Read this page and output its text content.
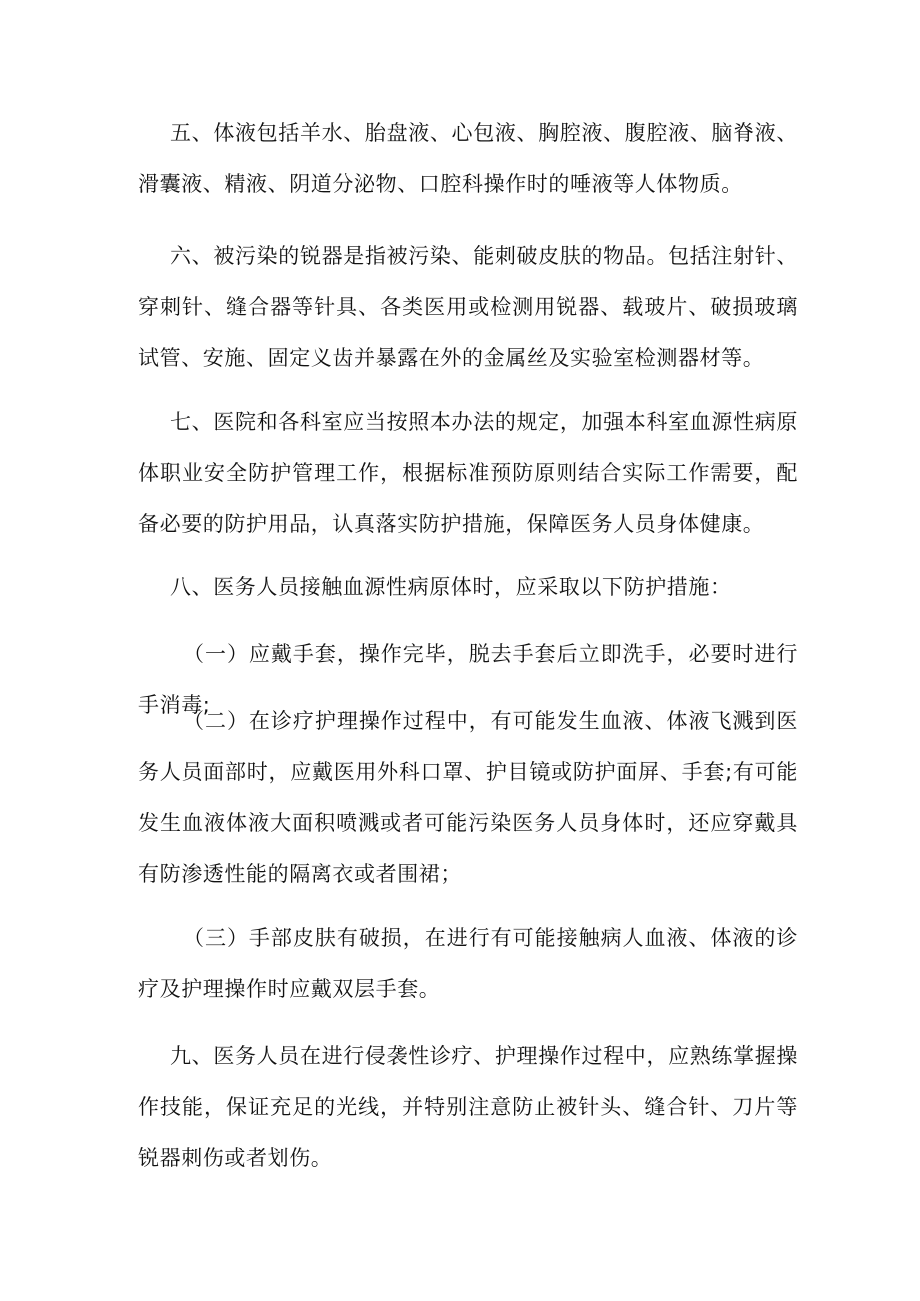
五、体液包括羊水、胎盘液、心包液、胸腔液、腹腔液、脑脊液、滑囊液、精液、阴道分泌物、口腔科操作时的唾液等人体物质。

六、被污染的锐器是指被污染、能刺破皮肤的物品。包括注射针、穿刺针、缝合器等针具、各类医用或检测用锐器、载玻片、破损玻璃试管、安施、固定义齿并暴露在外的金属丝及实验室检测器材等。

七、医院和各科室应当按照本办法的规定，加强本科室血源性病原体职业安全防护管理工作，根据标准预防原则结合实际工作需要，配备必要的防护用品，认真落实防护措施，保障医务人员身体健康。

八、医务人员接触血源性病原体时，应采取以下防护措施：

（一）应戴手套，操作完毕，脱去手套后立即洗手，必要时进行手消毒;

（二）在诊疗护理操作过程中，有可能发生血液、体液飞溅到医务人员面部时，应戴医用外科口罩、护目镜或防护面屏、手套;有可能发生血液体液大面积喷溅或者可能污染医务人员身体时，还应穿戴具有防渗透性能的隔离衣或者围裙；

（三）手部皮肤有破损，在进行有可能接触病人血液、体液的诊疗及护理操作时应戴双层手套。

九、医务人员在进行侵袭性诊疗、护理操作过程中，应熟练掌握操作技能，保证充足的光线，并特别注意防止被针头、缝合针、刀片等锐器刺伤或者划伤。
